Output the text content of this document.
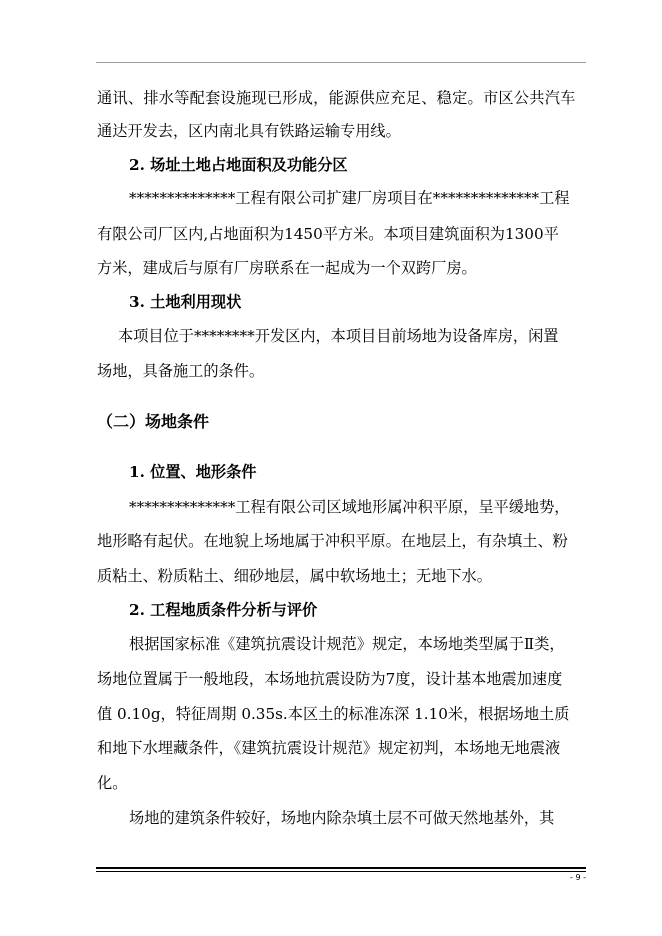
通讯、排水等配套设施现已形成，能源供应充足、稳定。市区公共汽车
通达开发去，区内南北具有铁路运输专用线。
2. 场址土地占地面积及功能分区
**************工程有限公司扩建厂房项目在**************工程
有限公司厂区内,占地面积为1450平方米。本项目建筑面积为1300平
方米，建成后与原有厂房联系在一起成为一个双跨厂房。
3. 土地利用现状
本项目位于********开发区内，本项目目前场地为设备库房，闲置
场地，具备施工的条件。
（二）场地条件
1. 位置、地形条件
**************工程有限公司区域地形属冲积平原，呈平缓地势，
地形略有起伏。在地貌上场地属于冲积平原。在地层上，有杂填土、粉
质粘土、粉质粘土、细砂地层，属中软场地土；无地下水。
2. 工程地质条件分析与评价
根据国家标准《建筑抗震设计规范》规定，本场地类型属于Ⅱ类，
场地位置属于一般地段，本场地抗震设防为7度，设计基本地震加速度
值 0.10g，特征周期 0.35s.本区土的标准冻深 1.10米，根据场地土质
和地下水埋藏条件，《建筑抗震设计规范》规定初判，本场地无地震液
化。
场地的建筑条件较好，场地内除杂填土层不可做天然地基外，其
- 9 -
